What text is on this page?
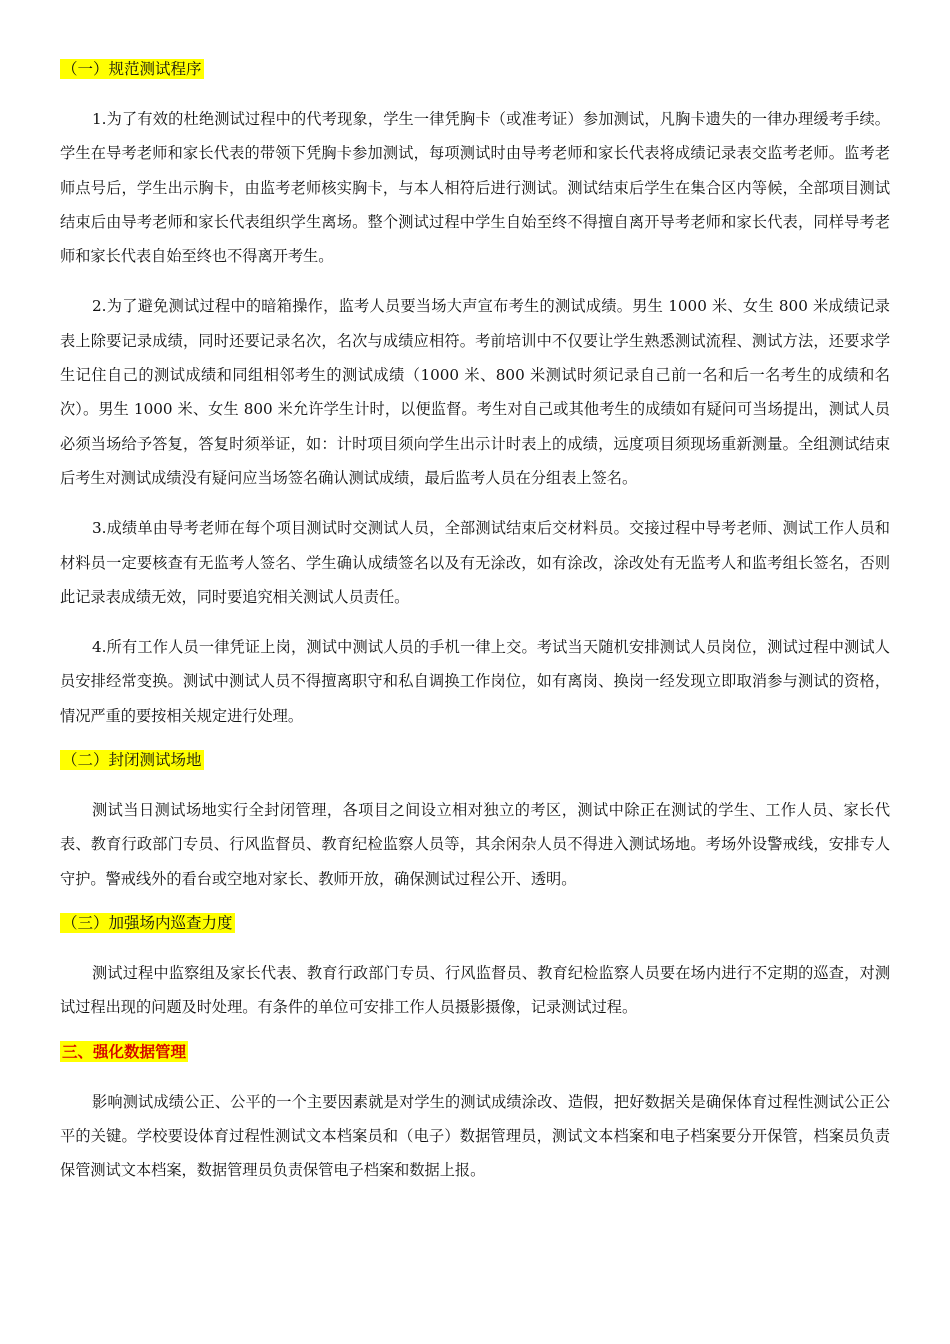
（一）规范测试程序

1.为了有效的杜绝测试过程中的代考现象，学生一律凭胸卡（或准考证）参加测试，凡胸卡遗失的一律办理缓考手续。学生在导考老师和家长代表的带领下凭胸卡参加测试，每项测试时由导考老师和家长代表将成绩记录表交监考老师。监考老师点号后，学生出示胸卡，由监考老师核实胸卡，与本人相符后进行测试。测试结束后学生在集合区内等候，全部项目测试结束后由导考老师和家长代表组织学生离场。整个测试过程中学生自始至终不得擅自离开导考老师和家长代表，同样导考老师和家长代表自始至终也不得离开考生。

2.为了避免测试过程中的暗箱操作，监考人员要当场大声宣布考生的测试成绩。男生 1000 米、女生 800 米成绩记录表上除要记录成绩，同时还要记录名次，名次与成绩应相符。考前培训中不仅要让学生熟悉测试流程、测试方法，还要求学生记住自己的测试成绩和同组相邻考生的测试成绩（1000 米、800 米测试时须记录自己前一名和后一名考生的成绩和名次）。男生 1000 米、女生 800 米允许学生计时，以便监督。考生对自己或其他考生的成绩如有疑问可当场提出，测试人员必须当场给予答复，答复时须举证，如：计时项目须向学生出示计时表上的成绩，远度项目须现场重新测量。全组测试结束后考生对测试成绩没有疑问应当场签名确认测试成绩，最后监考人员在分组表上签名。

3.成绩单由导考老师在每个项目测试时交测试人员，全部测试结束后交材料员。交接过程中导考老师、测试工作人员和材料员一定要核查有无监考人签名、学生确认成绩签名以及有无涂改，如有涂改，涂改处有无监考人和监考组长签名，否则此记录表成绩无效，同时要追究相关测试人员责任。

4.所有工作人员一律凭证上岗，测试中测试人员的手机一律上交。考试当天随机安排测试人员岗位，测试过程中测试人员安排经常变换。测试中测试人员不得擅离职守和私自调换工作岗位，如有离岗、换岗一经发现立即取消参与测试的资格，情况严重的要按相关规定进行处理。

（二）封闭测试场地

测试当日测试场地实行全封闭管理，各项目之间设立相对独立的考区，测试中除正在测试的学生、工作人员、家长代表、教育行政部门专员、行风监督员、教育纪检监察人员等，其余闲杂人员不得进入测试场地。考场外设警戒线，安排专人守护。警戒线外的看台或空地对家长、教师开放，确保测试过程公开、透明。

（三）加强场内巡查力度

测试过程中监察组及家长代表、教育行政部门专员、行风监督员、教育纪检监察人员要在场内进行不定期的巡查，对测试过程出现的问题及时处理。有条件的单位可安排工作人员摄影摄像，记录测试过程。

三、强化数据管理

影响测试成绩公正、公平的一个主要因素就是对学生的测试成绩涂改、造假，把好数据关是确保体育过程性测试公正公平的关键。学校要设体育过程性测试文本档案员和（电子）数据管理员，测试文本档案和电子档案要分开保管，档案员负责保管测试文本档案，数据管理员负责保管电子档案和数据上报。
